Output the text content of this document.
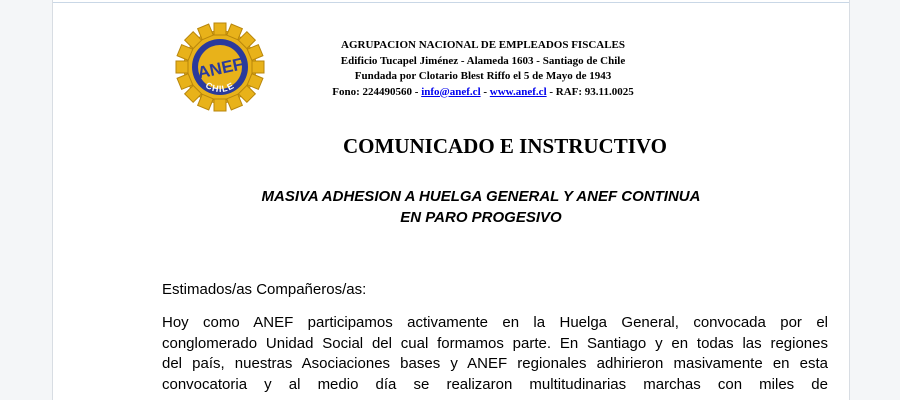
ANEF
CHILE
AGRUPACION NACIONAL DE EMPLEADOS FISCALES
Edificio Tucapel Jiménez - Alameda 1603 - Santiago de Chile
Fundada por Clotario Blest Riffo el 5 de Mayo de 1943
Fono: 224490560 - info@anef.cl - www.anef.cl - RAF: 93.11.0025
COMUNICADO E INSTRUCTIVO
MASIVA ADHESION A HUELGA GENERAL Y ANEF CONTINUA
EN PARO PROGESIVO
Estimados/as Compañeros/as:
Hoy como ANEF participamos activamente en la Huelga General, convocada por el
conglomerado Unidad Social del cual formamos parte. En Santiago y en todas las regiones
del país, nuestras Asociaciones bases y ANEF regionales adhirieron masivamente en esta
convocatoria y al medio día se realizaron multitudinarias marchas con miles de
